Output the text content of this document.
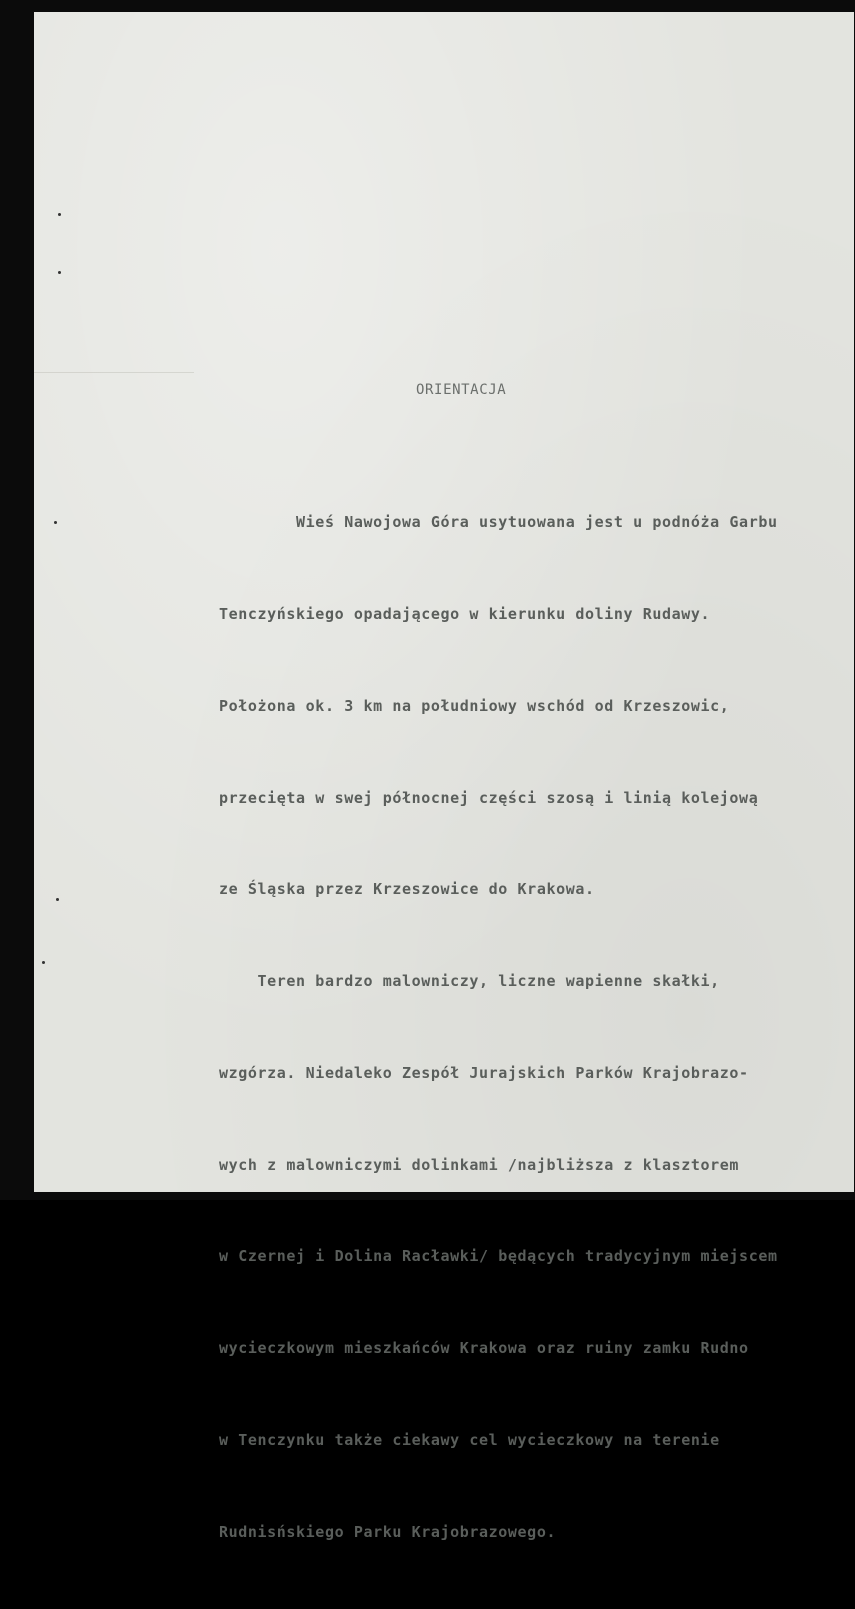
ORIENTACJA

Wieś Nawojowa Góra usytuowana jest u podnóża Garbu

Tenczyńskiego opadającego w kierunku doliny Rudawy.

Położona ok. 3 km na południowy wschód od Krzeszowic,

przecięta w swej północnej części szosą i linią kolejową

ze Śląska przez Krzeszowice do Krakowa.

Teren bardzo malowniczy, liczne wapienne skałki,

wzgórza. Niedaleko Zespół Jurajskich Parków Krajobrazo-

wych z malowniczymi dolinkami /najbliższa z klasztorem

w Czernej i Dolina Racławki/ będących tradycyjnym miejscem

wycieczkowym mieszkańców Krakowa oraz ruiny zamku Rudno

w Tenczynku także ciekawy cel wycieczkowy na terenie

Rudnisńskiego Parku Krajobrazowego.
